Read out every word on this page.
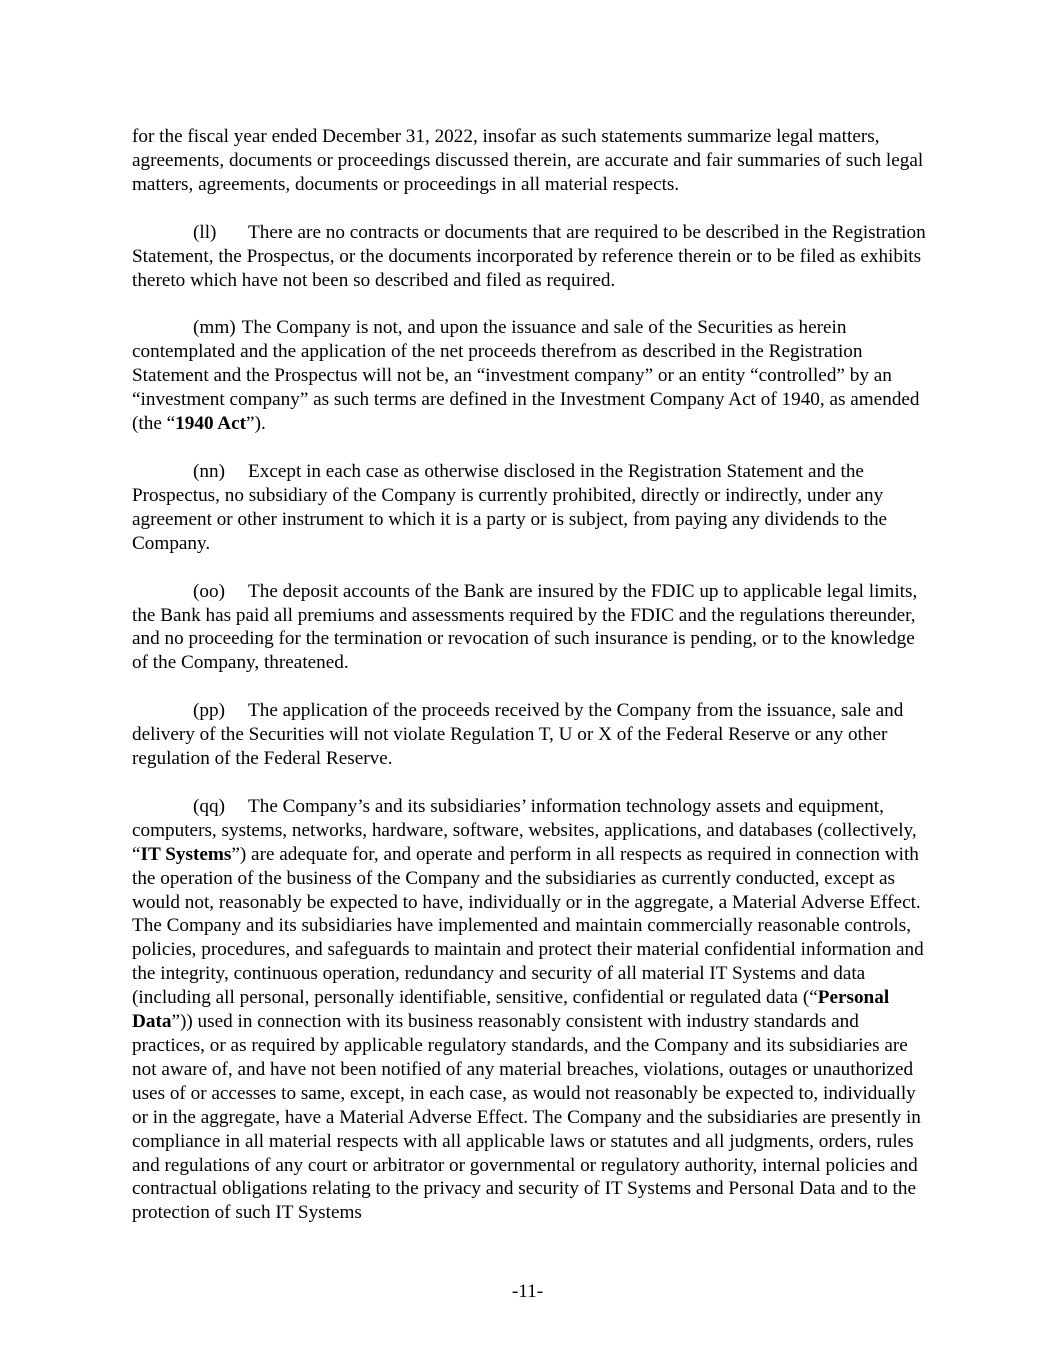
for the fiscal year ended December 31, 2022, insofar as such statements summarize legal matters, agreements, documents or proceedings discussed therein, are accurate and fair summaries of such legal matters, agreements, documents or proceedings in all material respects.

(ll) There are no contracts or documents that are required to be described in the Registration Statement, the Prospectus, or the documents incorporated by reference therein or to be filed as exhibits thereto which have not been so described and filed as required.

(mm) The Company is not, and upon the issuance and sale of the Securities as herein contemplated and the application of the net proceeds therefrom as described in the Registration Statement and the Prospectus will not be, an “investment company” or an entity “controlled” by an “investment company” as such terms are defined in the Investment Company Act of 1940, as amended (the “1940 Act”).

(nn) Except in each case as otherwise disclosed in the Registration Statement and the Prospectus, no subsidiary of the Company is currently prohibited, directly or indirectly, under any agreement or other instrument to which it is a party or is subject, from paying any dividends to the Company.

(oo) The deposit accounts of the Bank are insured by the FDIC up to applicable legal limits, the Bank has paid all premiums and assessments required by the FDIC and the regulations thereunder, and no proceeding for the termination or revocation of such insurance is pending, or to the knowledge of the Company, threatened.

(pp) The application of the proceeds received by the Company from the issuance, sale and delivery of the Securities will not violate Regulation T, U or X of the Federal Reserve or any other regulation of the Federal Reserve.

(qq) The Company’s and its subsidiaries’ information technology assets and equipment, computers, systems, networks, hardware, software, websites, applications, and databases (collectively, “IT Systems”) are adequate for, and operate and perform in all respects as required in connection with the operation of the business of the Company and the subsidiaries as currently conducted, except as would not, reasonably be expected to have, individually or in the aggregate, a Material Adverse Effect. The Company and its subsidiaries have implemented and maintain commercially reasonable controls, policies, procedures, and safeguards to maintain and protect their material confidential information and the integrity, continuous operation, redundancy and security of all material IT Systems and data (including all personal, personally identifiable, sensitive, confidential or regulated data (“Personal Data”)) used in connection with its business reasonably consistent with industry standards and practices, or as required by applicable regulatory standards, and the Company and its subsidiaries are not aware of, and have not been notified of any material breaches, violations, outages or unauthorized uses of or accesses to same, except, in each case, as would not reasonably be expected to, individually or in the aggregate, have a Material Adverse Effect. The Company and the subsidiaries are presently in compliance in all material respects with all applicable laws or statutes and all judgments, orders, rules and regulations of any court or arbitrator or governmental or regulatory authority, internal policies and contractual obligations relating to the privacy and security of IT Systems and Personal Data and to the protection of such IT Systems

-11-
